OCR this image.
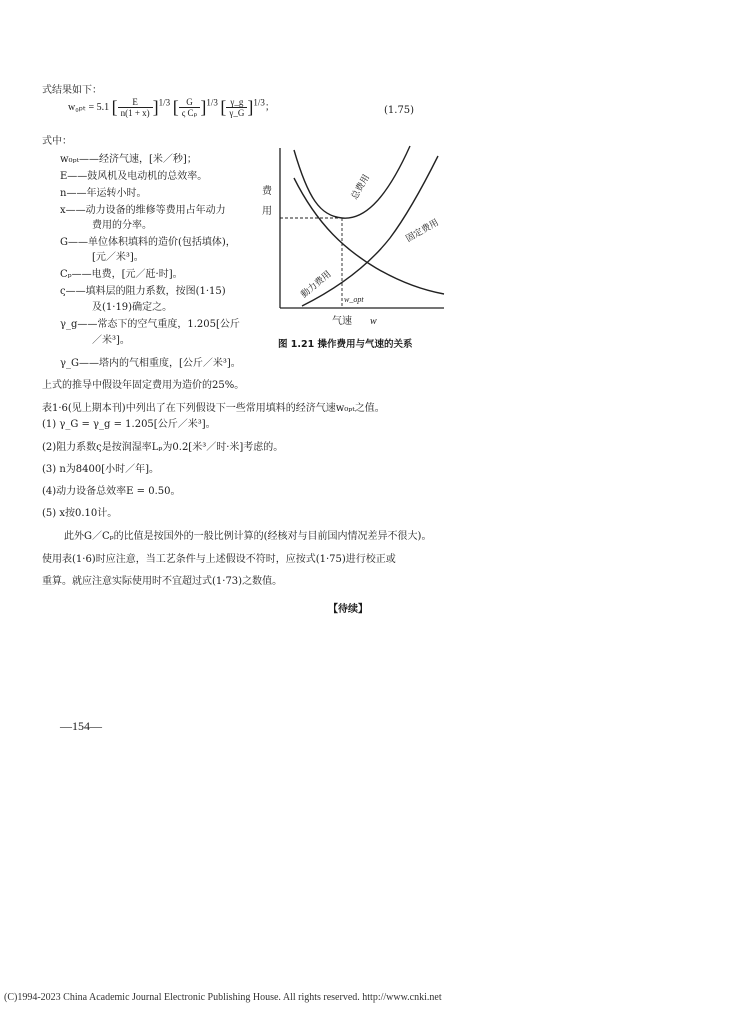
式结果如下：
w₀ₚₜ = 5.1 [ $\frac{E}{n(1 + x)} ]^{1/3}$ [ $\frac{G}{\text{ς Cₚ}} ]^{1/3}$ [ $\frac{\gamma\_g}{\gamma\_G} ]^{1/3}$；	(1.75)
式中：
w₀ₚₜ——经济气速，[米／秒]；
E——鼓风机及电动机的总效率。
n——年运转小时。
x——动力设备的维修等费用占年动力
费用的分率。
G——单位体积填料的造价(包括填体)，
[元／米³]。
Cₚ——电费，[元／瓩·时]。
ς——填料层的阻力系数，按图(1·15)
及(1·19)确定之。
γ_g——常态下的空气重度，1.205[公斤
／米³]。
γ_G——塔内的气相重度，[公斤／米³]。
总费用
固定费用
動力费用
费用
w_opt
气速 w
图 1.21 操作费用与气速的关系
上式的推导中假设年固定费用为造价的25%。
表1·6(见上期本刊)中列出了在下列假设下一些常用填料的经济气速w₀ₚₜ之值。
(1) γ_G = γ_g = 1.205[公斤／米³]。
(2)阻力系数ς是按润湿率Lₚ为0.2[米³／时·米]考虑的。
(3) n为8400[小时／年]。
(4)动力设备总效率E = 0.50。
(5) x按0.10计。
此外G／Cₚ的比值是按国外的一般比例计算的(经核对与目前国内情况差异不很大)。
使用表(1·6)时应注意，当工艺条件与上述假设不符时，应按式(1·75)进行校正或
重算。就应注意实际使用时不宜超过式(1·73)之数值。
【待续】
—154—
(C)1994-2023 China Academic Journal Electronic Publishing House. All rights reserved. http://www.cnki.net
